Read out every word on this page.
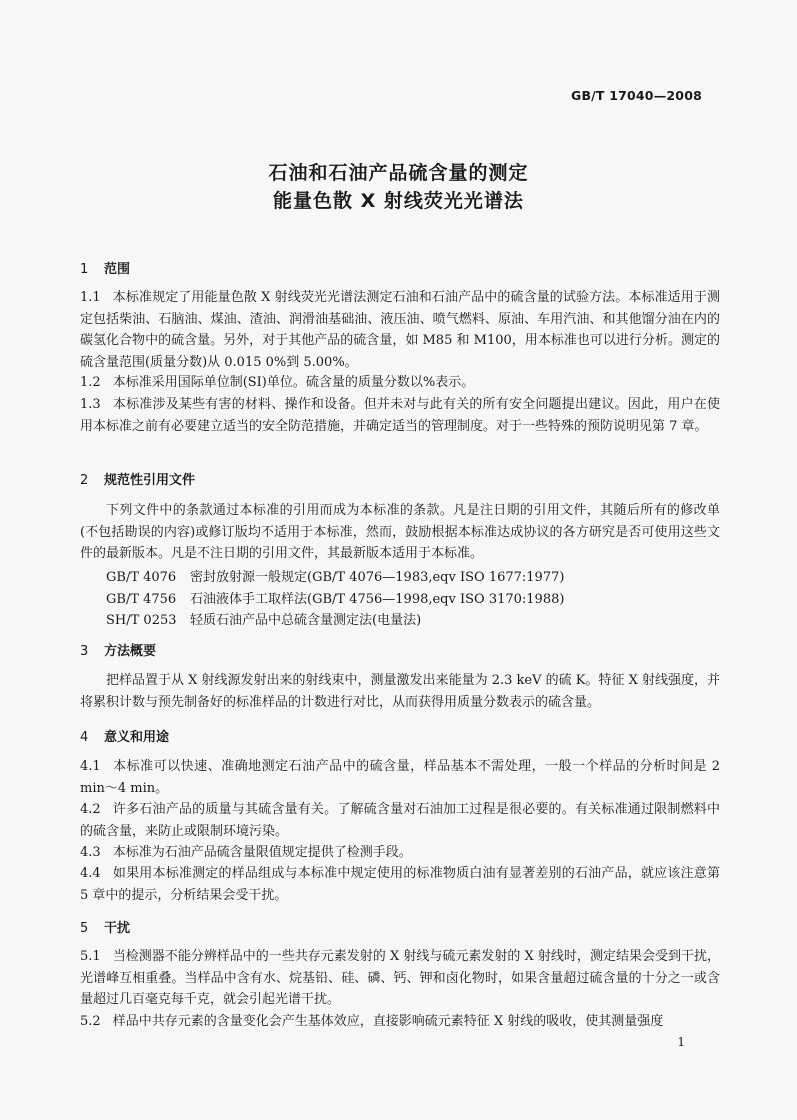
GB/T 17040—2008
石油和石油产品硫含量的测定
能量色散 X 射线荧光光谱法
1 范围
1.1 本标准规定了用能量色散 X 射线荧光光谱法测定石油和石油产品中的硫含量的试验方法。本标准适用于测定包括柴油、石脑油、煤油、渣油、润滑油基础油、液压油、喷气燃料、原油、车用汽油、和其他馏分油在内的碳氢化合物中的硫含量。另外，对于其他产品的硫含量，如 M85 和 M100，用本标准也可以进行分析。测定的硫含量范围(质量分数)从 0.015 0%到 5.00%。
1.2 本标准采用国际单位制(SI)单位。硫含量的质量分数以%表示。
1.3 本标准涉及某些有害的材料、操作和设备。但并未对与此有关的所有安全问题提出建议。因此，用户在使用本标准之前有必要建立适当的安全防范措施，并确定适当的管理制度。对于一些特殊的预防说明见第 7 章。
2 规范性引用文件
下列文件中的条款通过本标准的引用而成为本标准的条款。凡是注日期的引用文件，其随后所有的修改单(不包括勘误的内容)或修订版均不适用于本标准，然而，鼓励根据本标准达成协议的各方研究是否可使用这些文件的最新版本。凡是不注日期的引用文件，其最新版本适用于本标准。
GB/T 4076 密封放射源一般规定(GB/T 4076—1983,eqv ISO 1677:1977)
GB/T 4756 石油液体手工取样法(GB/T 4756—1998,eqv ISO 3170:1988)
SH/T 0253 轻质石油产品中总硫含量测定法(电量法)
3 方法概要
把样品置于从 X 射线源发射出来的射线束中，测量激发出来能量为 2.3 keV 的硫 K。特征 X 射线强度，并将累积计数与预先制备好的标准样品的计数进行对比，从而获得用质量分数表示的硫含量。
4 意义和用途
4.1 本标准可以快速、准确地测定石油产品中的硫含量，样品基本不需处理，一般一个样品的分析时间是 2 min～4 min。
4.2 许多石油产品的质量与其硫含量有关。了解硫含量对石油加工过程是很必要的。有关标准通过限制燃料中的硫含量，来防止或限制环境污染。
4.3 本标准为石油产品硫含量限值规定提供了检测手段。
4.4 如果用本标准测定的样品组成与本标准中规定使用的标准物质白油有显著差别的石油产品，就应该注意第 5 章中的提示，分析结果会受干扰。
5 干扰
5.1 当检测器不能分辨样品中的一些共存元素发射的 X 射线与硫元素发射的 X 射线时，测定结果会受到干扰，光谱峰互相重叠。当样品中含有水、烷基铅、硅、磷、钙、钾和卤化物时，如果含量超过硫含量的十分之一或含量超过几百毫克每千克，就会引起光谱干扰。
5.2 样品中共存元素的含量变化会产生基体效应，直接影响硫元素特征 X 射线的吸收，使其测量强度
1
